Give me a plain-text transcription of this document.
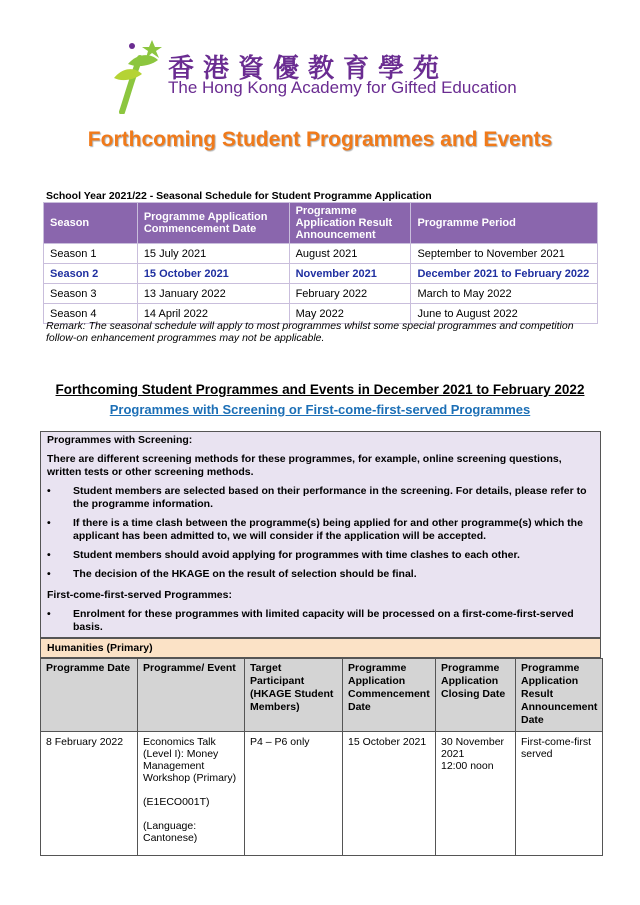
香港資優教育學苑
The Hong Kong Academy for Gifted Education
Forthcoming Student Programmes and Events
School Year 2021/22 - Seasonal Schedule for Student Programme Application
Season	Programme Application Commencement Date	Programme Application Result Announcement	Programme Period
Season 1	15 July 2021	August 2021	September to November 2021
Season 2	15 October 2021	November 2021	December 2021 to February 2022
Season 3	13 January 2022	February 2022	March to May 2022
Season 4	14 April 2022	May 2022	June to August 2022
Remark: The seasonal schedule will apply to most programmes whilst some special programmes and competition follow-on enhancement programmes may not be applicable.
Forthcoming Student Programmes and Events in December 2021 to February 2022
Programmes with Screening or First-come-first-served Programmes

Programmes with Screening:

There are different screening methods for these programmes, for example, online screening questions, written tests or other screening methods.

• Student members are selected based on their performance in the screening. For details, please refer to the programme information.
• If there is a time clash between the programme(s) being applied for and other programme(s) which the applicant has been admitted to, we will consider if the application will be accepted.
• Student members should avoid applying for programmes with time clashes to each other.
• The decision of the HKAGE on the result of selection should be final.

First-come-first-served Programmes:

• Enrolment for these programmes with limited capacity will be processed on a first-come-first-served basis.
Humanities (Primary)
Programme Date	Programme/ Event	Target Participant (HKAGE Student Members)	Programme Application Commencement Date	Programme Application Closing Date	Programme Application Result Announcement Date
8 February 2022	Economics Talk (Level I): Money Management Workshop (Primary)
(E1ECO001T)
(Language: Cantonese)	P4 – P6 only	15 October 2021	30 November 2021
12:00 noon	First-come-first served
